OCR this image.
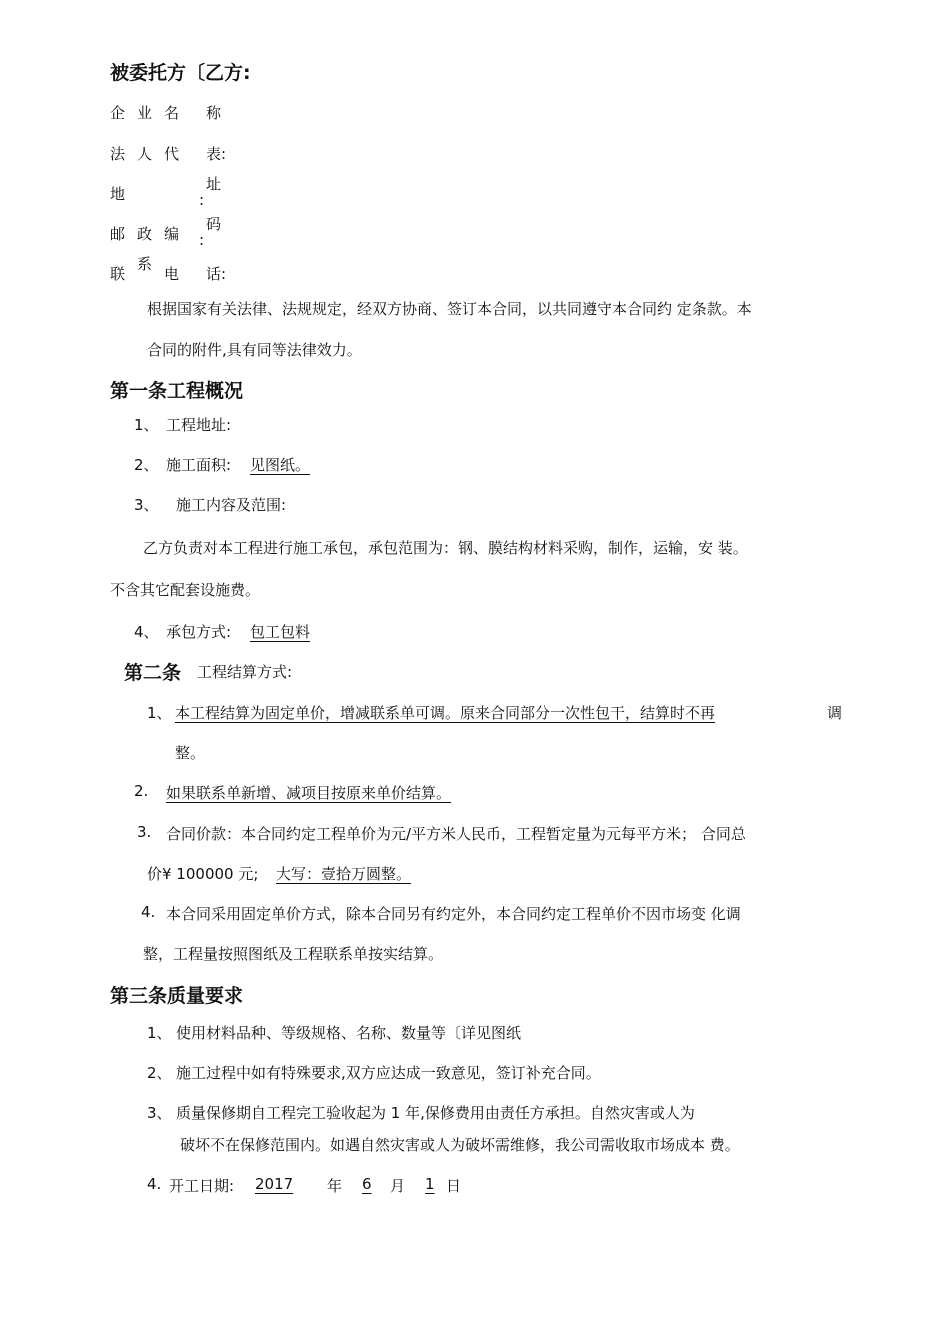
被委托方〔乙方:
企 业 名 称
法 人 代 表:
地
址
:
邮 政 编
码
:
联
系
电 话:
根据国家有关法律、法规规定，经双方协商、签订本合同，以共同遵守本合同约 定条款。本
合同的附件,具有同等法律效力。
第一条工程概况
1、 工程地址:
2、 施工面积: 见图纸。
3、 施工内容及范围:
乙方负责对本工程进行施工承包，承包范围为：钢、膜结构材料采购，制作，运输，安 装。
不含其它配套设施费。
4、 承包方式: 包工包料
第二条 工程结算方式:
1、 本工程结算为固定单价，增减联系单可调。原来合同部分一次性包干，结算时不再	调
整。
2. 如果联系单新增、减项目按原来单价结算。
3. 合同价款：本合同约定工程单价为元/平方米人民币，工程暂定量为元每平方米； 合同总
价¥ 100000 元; 大写：壹拾万圆整。
4. 本合同采用固定单价方式，除本合同另有约定外，本合同约定工程单价不因市场变 化调
整，工程量按照图纸及工程联系单按实结算。
第三条质量要求
1、 使用材料品种、等级规格、名称、数量等〔详见图纸
2、 施工过程中如有特殊要求,双方应达成一致意见，签订补充合同。
3、 质量保修期自工程完工验收起为 1 年,保修费用由责任方承担。自然灾害或人为
破坏不在保修范围内。如遇自然灾害或人为破坏需维修，我公司需收取市场成本 费。
4. 开工日期: 2017 年 6 月 1 日
